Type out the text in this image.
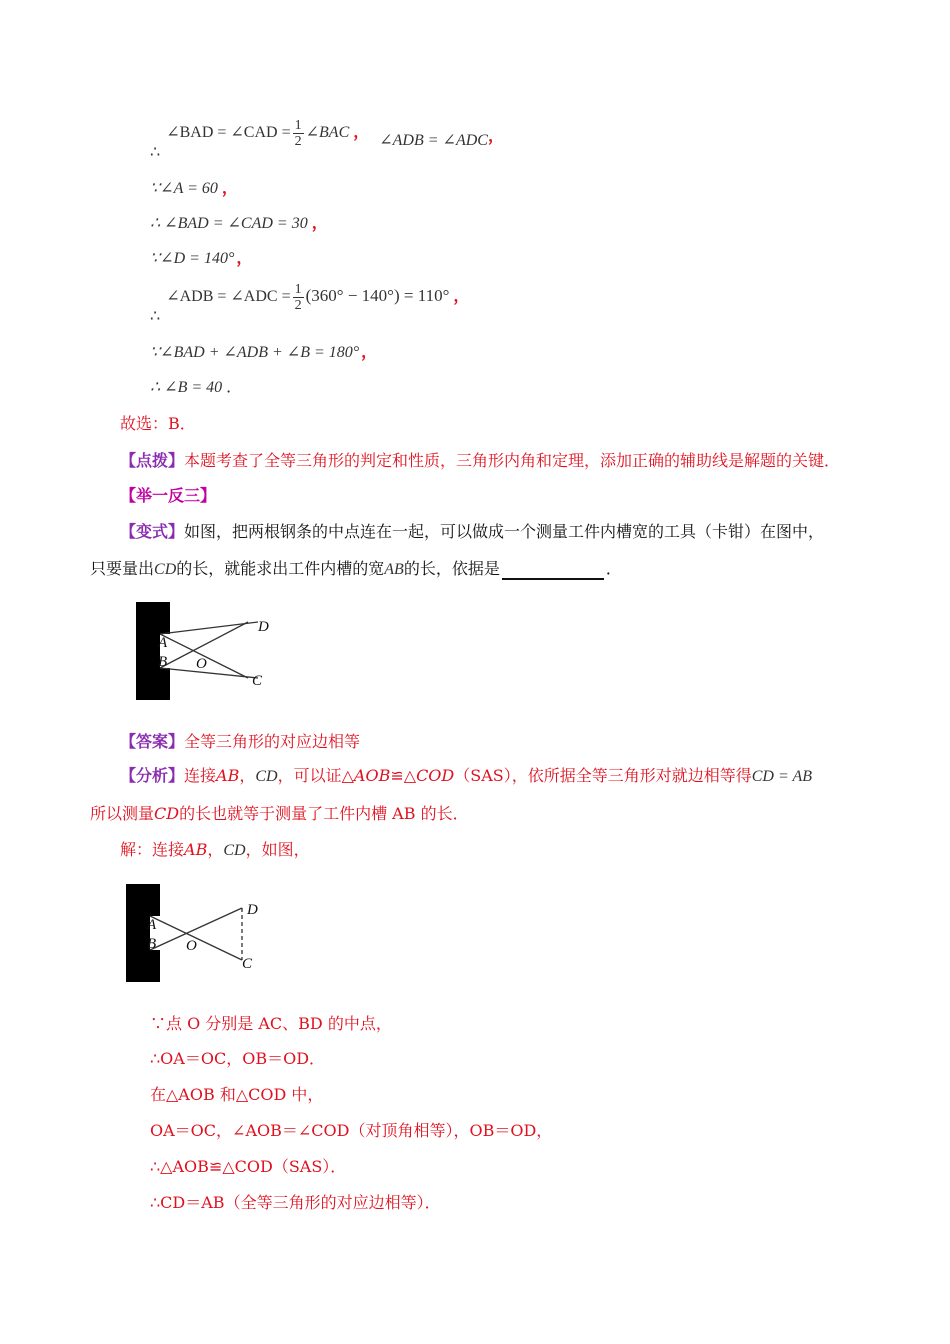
∴∠BAD = ∠CAD = $\frac{1}{2}$ ∠BAC ， ∠ADB = ∠ADC，
∵∠A = 60 ，
∴ ∠BAD = ∠CAD = 30 ，
∵∠D = 140° ，
∴∠ADB = ∠ADC = $\frac{1}{2} (360^\circ - 140^\circ) = 110^\circ$ ，
∵∠BAD + ∠ADB + ∠B = 180° ，
∴ ∠B = 40 ．
故选：B．
【点拨】本题考查了全等三角形的判定和性质，三角形内角和定理，添加正确的辅助线是解题的关键．
【举一反三】
【变式】如图，把两根钢条的中点连在一起，可以做成一个测量工件内槽宽的工具（卡钳）在图中，
只要量出CD的长，就能求出工件内槽的宽AB的长，依据是	．
A
B O
D
C
【答案】全等三角形的对应边相等
【分析】连接AB，CD，可以证△AOB≌△COD（SAS），依所据全等三角形对就边相等得CD = AB
所以测量CD的长也就等于测量了工件内槽 AB 的长．
解：连接AB，CD，如图，
A
B O
D
C
∵点 O 分别是 AC、BD 的中点，
∴OA＝OC，OB＝OD．
在△AOB 和△COD 中，
OA＝OC，∠AOB＝∠COD（对顶角相等），OB＝OD，
∴△AOB≌△COD（SAS）．
∴CD＝AB（全等三角形的对应边相等）．
